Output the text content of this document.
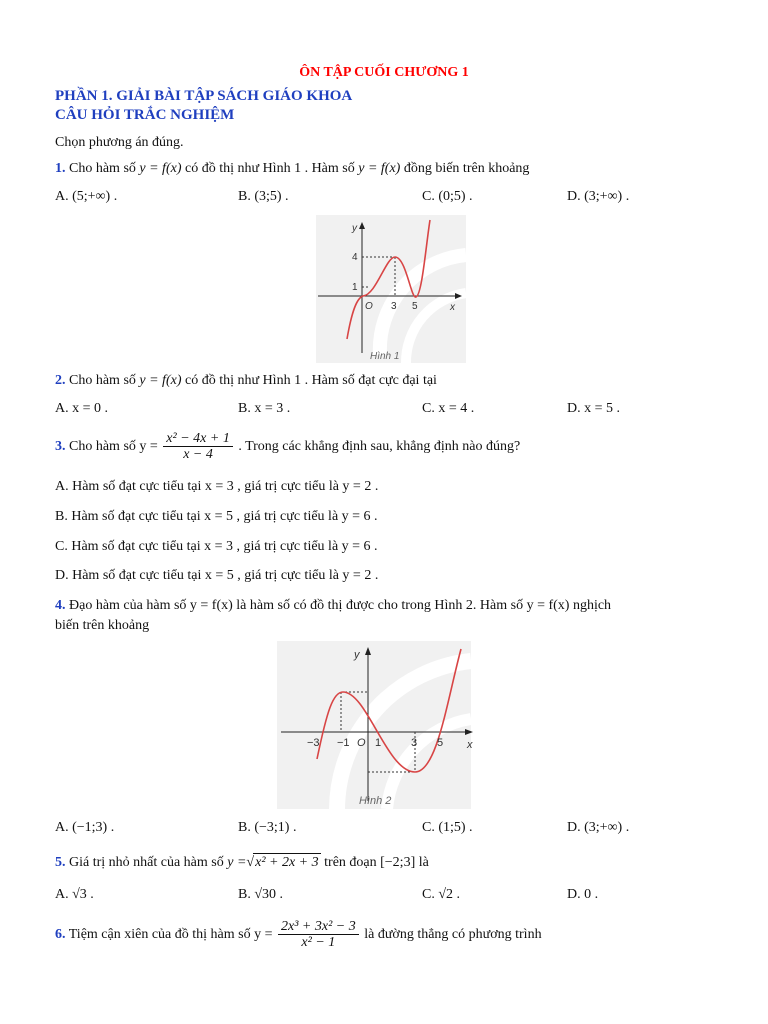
ÔN TẬP CUỐI CHƯƠNG 1
PHẦN 1. GIẢI BÀI TẬP SÁCH GIÁO KHOA
CÂU HỎI TRẮC NGHIỆM
Chọn phương án đúng.
1. Cho hàm số y = f(x) có đồ thị như Hình 1 . Hàm số y = f(x) đồng biến trên khoảng
A. (5;+∞) .	B. (3;5) .	C. (0;5) .	D. (3;+∞) .
y
x
O 3 5
4
1
Hình 1
2. Cho hàm số y = f(x) có đồ thị như Hình 1 . Hàm số đạt cực đại tại
A. x = 0 .	B. x = 3 .	C. x = 4 .	D. x = 5 .
3. Cho hàm số $y = \frac{\text{x² − 4x + 1}}{x - 4}$ . Trong các khẳng định sau, khẳng định nào đúng?
A. Hàm số đạt cực tiểu tại x = 3 , giá trị cực tiểu là y = 2 .
B. Hàm số đạt cực tiểu tại x = 5 , giá trị cực tiểu là y = 6 .
C. Hàm số đạt cực tiểu tại x = 3 , giá trị cực tiểu là y = 6 .
D. Hàm số đạt cực tiểu tại x = 5 , giá trị cực tiểu là y = 2 .
4. Đạo hàm của hàm số y = f(x) là hàm số có đồ thị được cho trong Hình 2. Hàm số y = f(x) nghịch
biến trên khoảng
y
x
O
−3 −1 1	3 5
Hình 2
A. (−1;3) .	B. (−3;1) .	C. (1;5) .	D. (3;+∞) .
5. Giá trị nhỏ nhất của hàm số y =√x² + 2x + 3 trên đoạn [−2;3] là
A. √3 .	B. √30 .	C. √2 .	D. 0 .
6. Tiệm cận xiên của đồ thị hàm số $y = \frac{\text{2x³ + 3x² − 3}}{\text{x² − 1}}$ là đường thẳng có phương trình
